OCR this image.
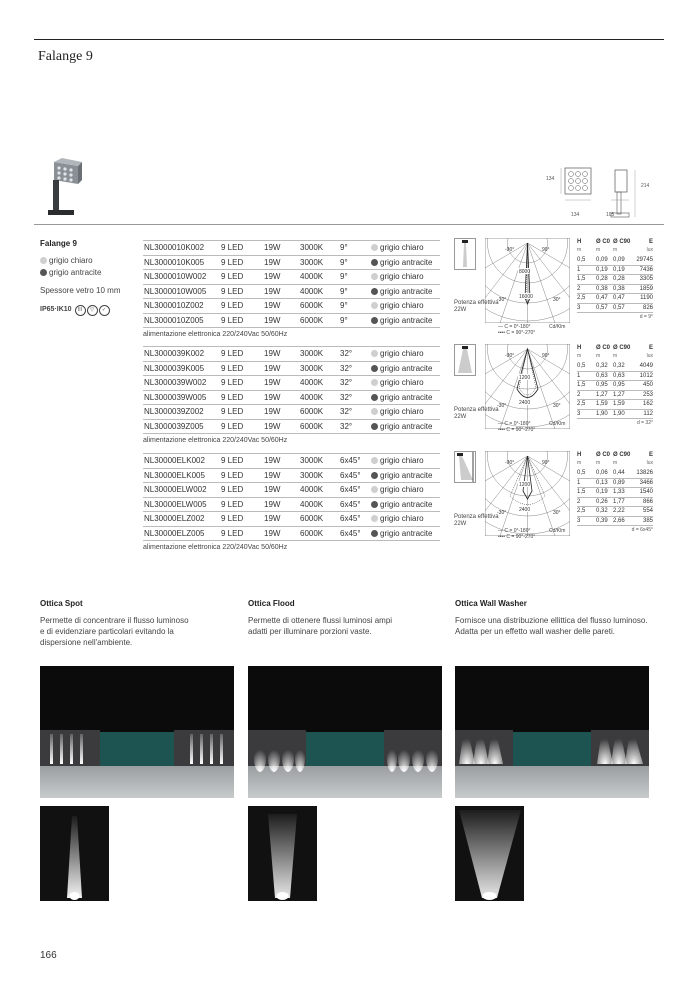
Falange 9
134
134	105
214
Falange 9
grigio chiaro
grigio antracite
Spessore vetro 10 mm
IP65·IK10 III ▽ ✓
NL3000010K002 9 LED	19W 3000K 9°	grigio chiaro
NL3000010K005 9 LED	19W 3000K 9°	grigio antracite
NL3000010W002 9 LED	19W 4000K 9°	grigio chiaro
NL3000010W005 9 LED	19W 4000K 9°	grigio antracite
NL3000010Z002 9 LED	19W 6000K 9°	grigio chiaro
NL3000010Z005 9 LED	19W 6000K 9°	grigio antracite
alimentazione elettronica 220/240Vac 50/60Hz
NL3000039K002 9 LED	19W 3000K 32°	grigio chiaro
NL3000039K005 9 LED	19W 3000K 32°	grigio antracite
NL3000039W002 9 LED	19W 4000K 32°	grigio chiaro
NL3000039W005 9 LED	19W 4000K 32°	grigio antracite
NL3000039Z002 9 LED	19W 6000K 32°	grigio chiaro
NL3000039Z005 9 LED	19W 6000K 32°	grigio antracite
alimentazione elettronica 220/240Vac 50/60Hz
NL30000ELK002 9 LED	19W 3000K 6x45°	grigio chiaro
NL30000ELK005 9 LED	19W 3000K 6x45°	grigio antracite
NL30000ELW002 9 LED	19W 4000K 6x45°	grigio chiaro
NL30000ELW005 9 LED	19W 4000K 6x45°	grigio antracite
NL30000ELZ002 9 LED	19W 6000K 6x45°	grigio chiaro
NL30000ELZ005 9 LED	19W 6000K 6x45°	grigio antracite
alimentazione elettronica 220/240Vac 50/60Hz
8000
16000
-90°	90°
-30°	30°
1200
2400
-90°	90°
-30°	30°
1200
2400
-90°	90°
-30°	30°
Potenza effettiva
22W
Potenza effettiva
22W
Potenza effettiva
22W
— C = 0°-180°
•••• C = 90°-270°
— C = 0°-180°
•••• C = 90°-270°
— C = 0°-180°
•••• C = 90°-270°
Cd/Klm
Cd/Klm
Cd/Klm
H Ø C0 Ø C90	E
m	m	m	lux
0,5 0,09 0,09 29745
1	0,19 0,19 7436
1,5 0,28 0,28 3305
2	0,38 0,38 1859
2,5 0,47 0,47	1190
3	0,57 0,57	826
d = 9°
H Ø C0 Ø C90	E
m	m	m	lux
0,5 0,32 0,32 4049
1	0,63 0,63 1012
1,5 0,95 0,95	450
2	1,27 1,27	253
2,5 1,59 1,59	162
3	1,90 1,90	112
d = 32°
H Ø C0 Ø C90	E
m	m	m	lux
0,5 0,06 0,44 13826
1	0,13 0,89 3466
1,5 0,19 1,33 1540
2	0,26 1,77	866
2,5 0,32 2,22	554
3	0,39 2,66	385
d = 6x45°
Ottica Spot
Permette di concentrare il flusso luminoso e di evidenziare particolari evitando la dispersione nell'ambiente.
Ottica Flood
Permette di ottenere flussi luminosi ampi adatti per illuminare porzioni vaste.
Ottica Wall Washer
Fornisce una distribuzione ellittica del flusso luminoso. Adatta per un effetto wall washer delle pareti.
166
